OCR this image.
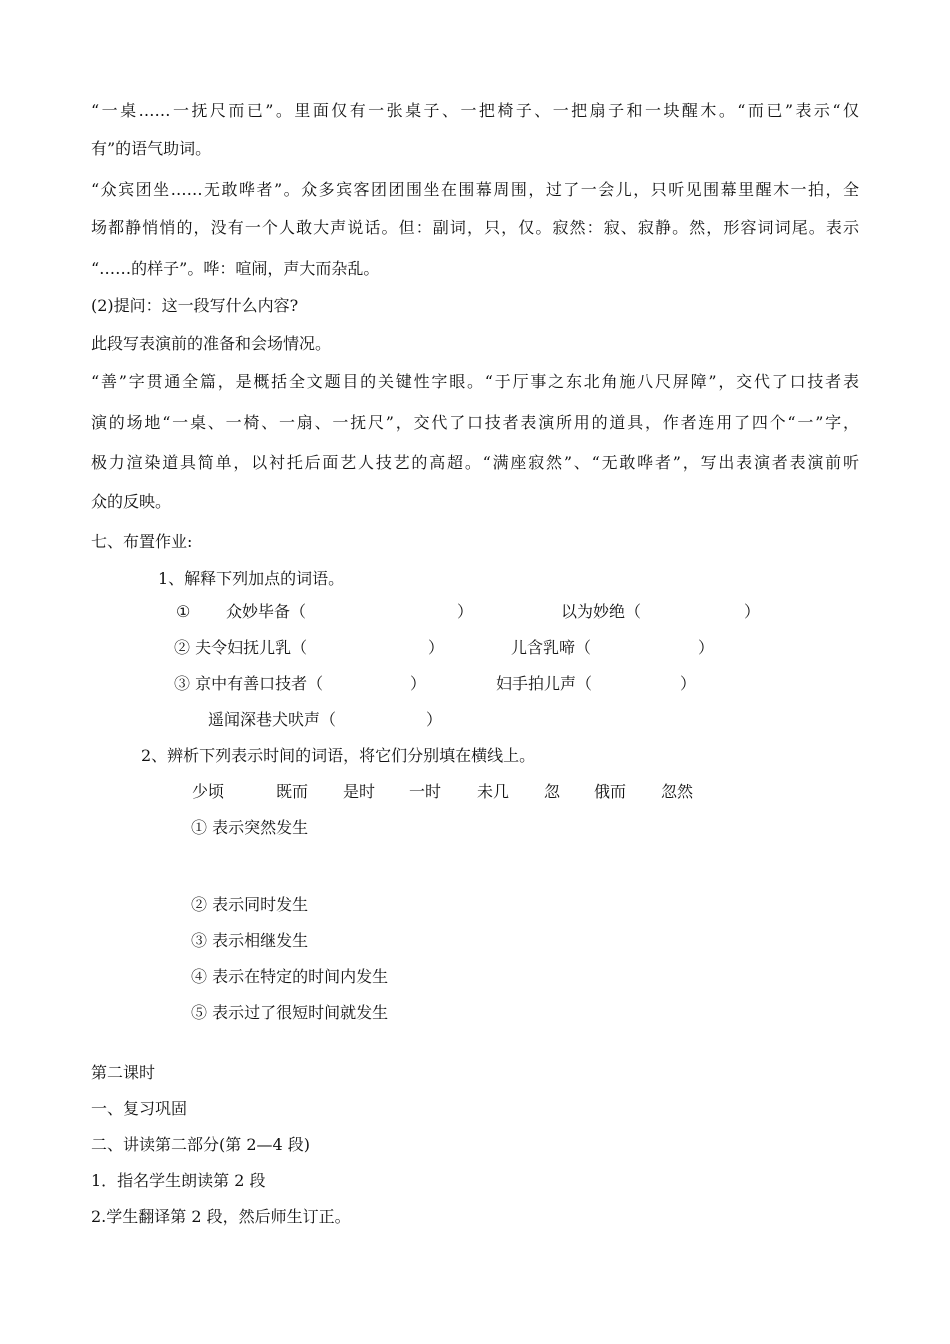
“一桌……一抚尺而已”。里面仅有一张桌子、一把椅子、一把扇子和一块醒木。“而已”表示“仅
有”的语气助词。
“众宾团坐……无敢哗者”。众多宾客团团围坐在围幕周围，过了一会儿，只听见围幕里醒木一拍，全
场都静悄悄的，没有一个人敢大声说话。但：副词，只，仅。寂然：寂、寂静。然，形容词词尾。表示
“……的样子”。哗：喧闹，声大而杂乱。
(2)提问：这一段写什么内容?
此段写表演前的准备和会场情况。
“善”字贯通全篇，是概括全文题目的关键性字眼。“于厅事之东北角施八尺屏障”，交代了口技者表
演的场地“一桌、一椅、一扇、一抚尺”，交代了口技者表演所用的道具，作者连用了四个“一”字，
极力渲染道具简单，以衬托后面艺人技艺的高超。“满座寂然”、“无敢哗者”，写出表演者表演前听
众的反映。
七、布置作业:
1、解释下列加点的词语。
① 众妙毕备（	）	以为妙绝（	）
② 夫令妇抚儿乳（	）	儿含乳啼（	）
③ 京中有善口技者（	）	妇手拍儿声（	）
遥闻深巷犬吠声（	）
2、辨析下列表示时间的词语，将它们分别填在横线上。
少顷	既而 是时 一时 未几 忽 俄而 忽然
① 表示突然发生
② 表示同时发生
③ 表示相继发生
④ 表示在特定的时间内发生
⑤ 表示过了很短时间就发生
第二课时
一、复习巩固
二、讲读第二部分(第 2—4 段)
1．指名学生朗读第 2 段
2.学生翻译第 2 段，然后师生订正。
